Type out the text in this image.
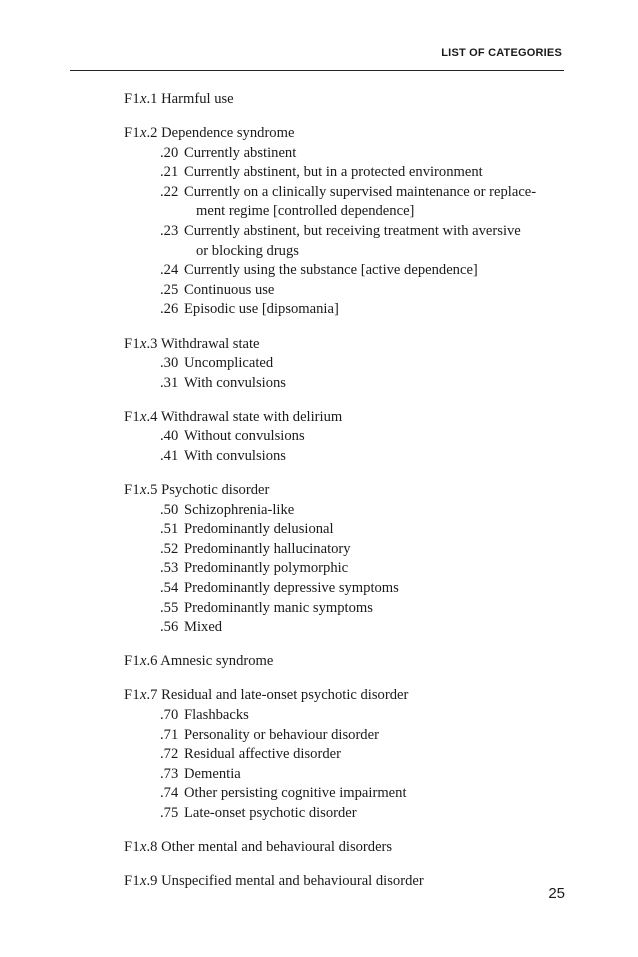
LIST OF CATEGORIES
F1x.1 Harmful use
F1x.2 Dependence syndrome
.20 Currently abstinent
.21 Currently abstinent, but in a protected environment
.22 Currently on a clinically supervised maintenance or replace-
ment regime [controlled dependence]
.23 Currently abstinent, but receiving treatment with aversive
or blocking drugs
.24 Currently using the substance [active dependence]
.25 Continuous use
.26 Episodic use [dipsomania]
F1x.3 Withdrawal state
.30 Uncomplicated
.31 With convulsions
F1x.4 Withdrawal state with delirium
.40 Without convulsions
.41 With convulsions
F1x.5 Psychotic disorder
.50 Schizophrenia-like
.51 Predominantly delusional
.52 Predominantly hallucinatory
.53 Predominantly polymorphic
.54 Predominantly depressive symptoms
.55 Predominantly manic symptoms
.56 Mixed
F1x.6 Amnesic syndrome
F1x.7 Residual and late-onset psychotic disorder
.70 Flashbacks
.71 Personality or behaviour disorder
.72 Residual affective disorder
.73 Dementia
.74 Other persisting cognitive impairment
.75 Late-onset psychotic disorder
F1x.8 Other mental and behavioural disorders
F1x.9 Unspecified mental and behavioural disorder
25
